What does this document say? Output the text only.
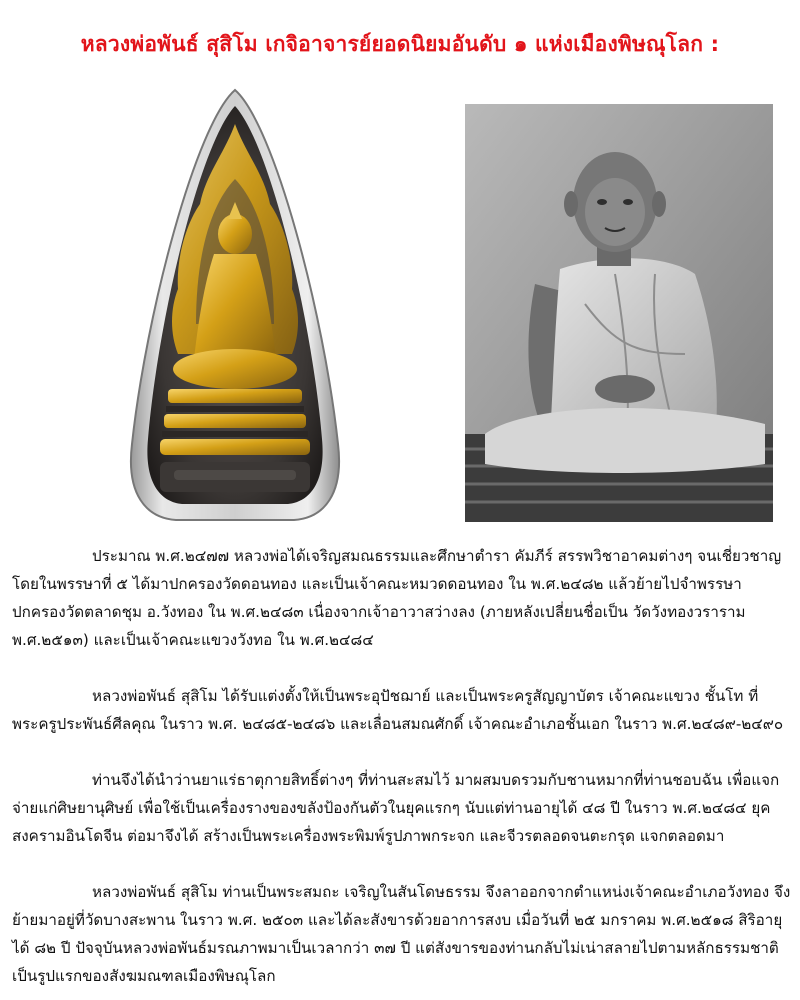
หลวงพ่อพันธ์ สุสิโม เกจิอาจารย์ยอดนิยมอันดับ ๑ แห่งเมืองพิษณุโลก :

ประมาณ พ.ศ.๒๔๗๗ หลวงพ่อได้เจริญสมณธรรมและศึกษาตำรา คัมภีร์ สรรพวิชาอาคมต่างๆ จนเชี่ยวชาญ โดยในพรรษาที่ ๕ ได้มาปกครองวัดดอนทอง และเป็นเจ้าคณะหมวดดอนทอง ใน พ.ศ.๒๔๘๒ แล้วย้ายไปจำพรรษาปกครองวัดตลาดชุม อ.วังทอง ใน พ.ศ.๒๔๘๓ เนื่องจากเจ้าอาวาสว่างลง (ภายหลังเปลี่ยนชื่อเป็น วัดวังทองวราราม พ.ศ.๒๕๑๓) และเป็นเจ้าคณะแขวงวังทอ ใน พ.ศ.๒๔๘๔

หลวงพ่อพันธ์ สุสิโม ได้รับแต่งตั้งให้เป็นพระอุปัชฌาย์ และเป็นพระครูสัญญาบัตร เจ้าคณะแขวง ชั้นโท ที่พระครูประพันธ์ศีลคุณ ในราว พ.ศ. ๒๔๘๕-๒๔๘๖ และเลื่อนสมณศักดิ์ เจ้าคณะอำเภอชั้นเอก ในราว พ.ศ.๒๔๘๙-๒๔๙๐

ท่านจึงได้นำว่านยาแร่ธาตุกายสิทธิ์ต่างๆ ที่ท่านสะสมไว้ มาผสมบดรวมกับชานหมากที่ท่านชอบฉัน เพื่อแจกจ่ายแก่ศิษยานุศิษย์ เพื่อใช้เป็นเครื่องรางของขลังป้องกันตัวในยุคแรกๆ นับแต่ท่านอายุได้ ๔๘ ปี ในราว พ.ศ.๒๔๘๔ ยุคสงครามอินโดจีน ต่อมาจึงได้ สร้างเป็นพระเครื่องพระพิมพ์รูปภาพกระจก และจีวรตลอดจนตะกรุด แจกตลอดมา

หลวงพ่อพันธ์ สุสิโม ท่านเป็นพระสมถะ เจริญในสันโดษธรรม จึงลาออกจากตำแหน่งเจ้าคณะอำเภอวังทอง จึงย้ายมาอยู่ที่วัดบางสะพาน ในราว พ.ศ. ๒๕๐๓ และได้ละสังขารด้วยอาการสงบ เมื่อวันที่ ๒๕ มกราคม พ.ศ.๒๕๑๘ สิริอายุได้ ๘๒ ปี ปัจจุบันหลวงพ่อพันธ์มรณภาพมาเป็นเวลากว่า ๓๗ ปี แต่สังขารของท่านกลับไม่เน่าสลายไปตามหลักธรรมชาติ เป็นรูปแรกของสังฆมณฑลเมืองพิษณุโลก
